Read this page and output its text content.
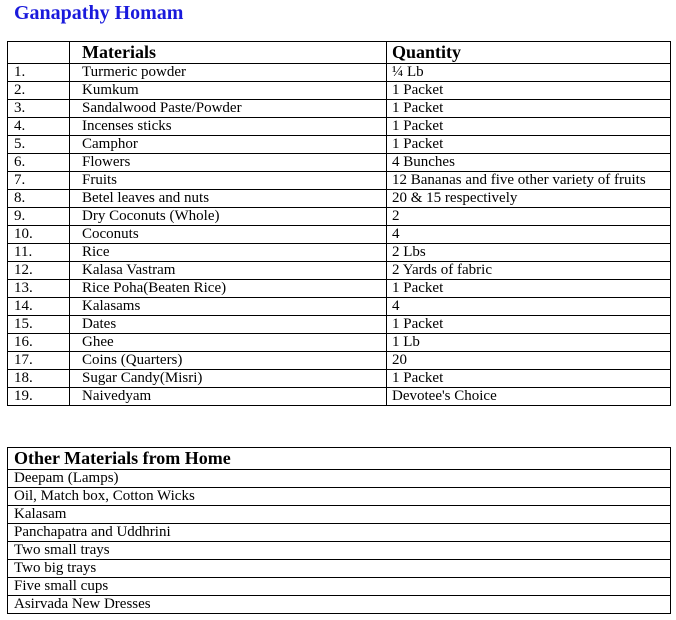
Ganapathy Homam
	Materials	Quantity
1.	Turmeric powder	¼ Lb
2.	Kumkum	1 Packet
3.	Sandalwood Paste/Powder	1 Packet
4.	Incenses sticks	1 Packet
5.	Camphor	1 Packet
6.	Flowers	4 Bunches
7.	Fruits	12 Bananas and five other variety of fruits
8.	Betel leaves and nuts	20 & 15 respectively
9.	Dry Coconuts (Whole)	2
10.	Coconuts	4
11.	Rice	2 Lbs
12.	Kalasa Vastram	2 Yards of fabric
13.	Rice Poha(Beaten Rice)	1 Packet
14.	Kalasams	4
15.	Dates	1 Packet
16.	Ghee	1 Lb
17.	Coins (Quarters)	20
18.	Sugar Candy(Misri)	1 Packet
19.	Naivedyam	Devotee's Choice
Other Materials from Home
Deepam (Lamps)
Oil, Match box, Cotton Wicks
Kalasam
Panchapatra and Uddhrini
Two small trays
Two big trays
Five small cups
Asirvada New Dresses
